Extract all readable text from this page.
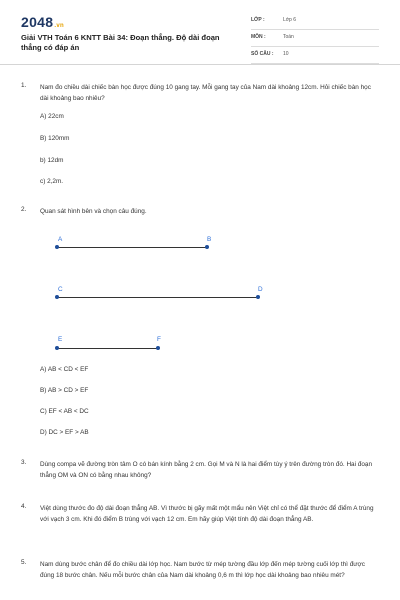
2048.vn
Giải VTH Toán 6 KNTT Bài 34: Đoạn thẳng. Độ dài đoạn thẳng có đáp án
LỚP :	Lớp 6
MÔN :	Toán
SỐ CÂU : 10
1. Nam đo chiều dài chiếc bàn học được đúng 10 gang tay. Mỗi gang tay của Nam dài khoảng 12cm. Hỏi chiếc bàn học dài khoảng bao nhiêu?
A) 22cm
B) 120mm
b) 12dm
c) 2,2m.
2. Quan sát hình bên và chọn câu đúng.
A	B
C	D
E	F
A) AB < CD < EF
B) AB > CD > EF
C) EF < AB < DC
D) DC > EF > AB
3. Dùng compa vẽ đường tròn tâm O có bán kính bằng 2 cm. Gọi M và N là hai điểm tùy ý trên đường tròn đó. Hai đoạn thẳng OM và ON có bằng nhau không?
4. Việt dùng thước đo độ dài đoạn thẳng AB. Vì thước bị gãy mất một mẩu nên Việt chỉ có thể đặt thước để điểm A trùng với vạch 3 cm. Khi đó điểm B trùng với vạch 12 cm. Em hãy giúp Việt tính độ dài đoạn thẳng AB.
5. Nam dùng bước chân để đo chiều dài lớp học. Nam bước từ mép tường đầu lớp đến mép tường cuối lớp thì được đúng 18 bước chân. Nếu mỗi bước chân của Nam dài khoảng 0,6 m thì lớp học dài khoảng bao nhiêu mét?
